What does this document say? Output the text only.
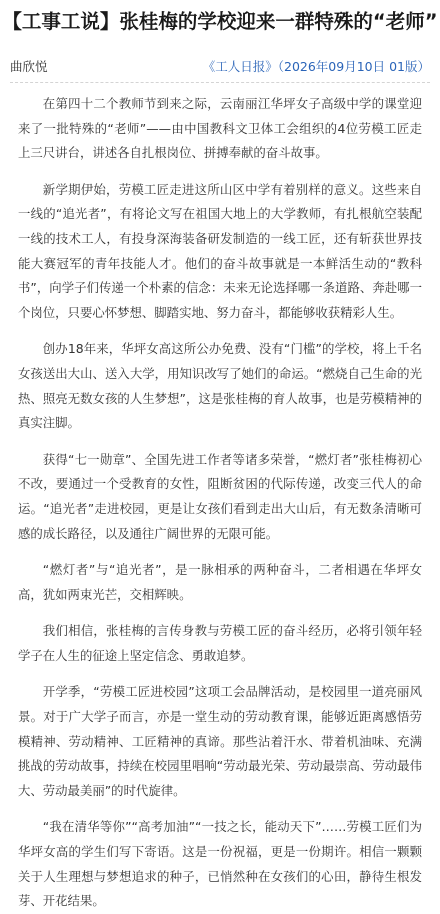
【工事工说】张桂梅的学校迎来一群特殊的“老师”
曲欣悦	《工人日报》（2026年09月10日 01版）

在第四十二个教师节到来之际，云南丽江华坪女子高级中学的课堂迎来了一批特殊的“老师”——由中国教科文卫体工会组织的4位劳模工匠走上三尺讲台，讲述各自扎根岗位、拼搏奉献的奋斗故事。

新学期伊始，劳模工匠走进这所山区中学有着别样的意义。这些来自一线的“追光者”，有将论文写在祖国大地上的大学教师，有扎根航空装配一线的技术工人，有投身深海装备研发制造的一线工匠，还有斩获世界技能大赛冠军的青年技能人才。他们的奋斗故事就是一本鲜活生动的“教科书”，向学子们传递一个朴素的信念：未来无论选择哪一条道路、奔赴哪一个岗位，只要心怀梦想、脚踏实地、努力奋斗，都能够收获精彩人生。

创办18年来，华坪女高这所公办免费、没有“门槛”的学校，将上千名女孩送出大山、送入大学，用知识改写了她们的命运。“燃烧自己生命的光热、照亮无数女孩的人生梦想”，这是张桂梅的育人故事，也是劳模精神的真实注脚。

获得“七一勋章”、全国先进工作者等诸多荣誉，“燃灯者”张桂梅初心不改，要通过一个受教育的女性，阻断贫困的代际传递，改变三代人的命运。“追光者”走进校园，更是让女孩们看到走出大山后，有无数条清晰可感的成长路径，以及通往广阔世界的无限可能。

“燃灯者”与“追光者”，是一脉相承的两种奋斗，二者相遇在华坪女高，犹如两束光芒，交相辉映。

我们相信，张桂梅的言传身教与劳模工匠的奋斗经历，必将引领年轻学子在人生的征途上坚定信念、勇敢追梦。

开学季，“劳模工匠进校园”这项工会品牌活动，是校园里一道亮丽风景。对于广大学子而言，亦是一堂生动的劳动教育课，能够近距离感悟劳模精神、劳动精神、工匠精神的真谛。那些沾着汗水、带着机油味、充满挑战的劳动故事，持续在校园里唱响“劳动最光荣、劳动最崇高、劳动最伟大、劳动最美丽”的时代旋律。

“我在清华等你”“高考加油”“一技之长，能动天下”……劳模工匠们为华坪女高的学生们写下寄语。这是一份祝福，更是一份期许。相信一颗颗关于人生理想与梦想追求的种子，已悄然种在女孩们的心田，静待生根发芽、开花结果。
